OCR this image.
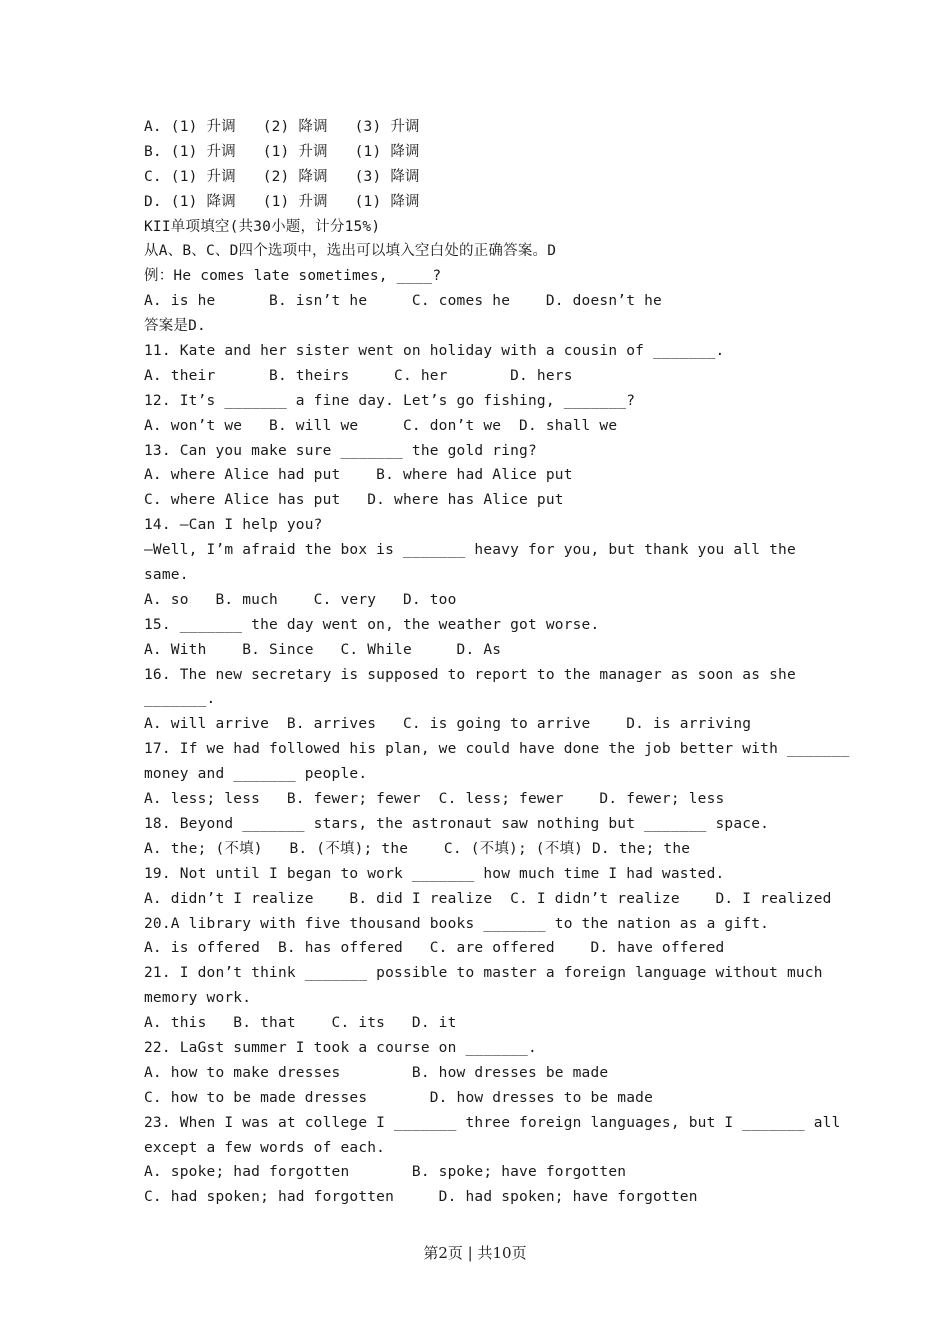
A. (1) 升调   (2) 降调   (3) 升调
B. (1) 升调   (1) 升调   (1) 降调
C. (1) 升调   (2) 降调   (3) 降调
D. (1) 降调   (1) 升调   (1) 降调
KII单项填空(共30小题，计分15%)
从A、B、C、D四个选项中，选出可以填入空白处的正确答案。D
例：He comes late sometimes, ____?
A. is he      B. isn’t he     C. comes he    D. doesn’t he
答案是D.
11. Kate and her sister went on holiday with a cousin of _______.
A. their      B. theirs     C. her       D. hers
12. It’s _______ a fine day. Let’s go fishing, _______?
A. won’t we   B. will we     C. don’t we  D. shall we
13. Can you make sure _______ the gold ring?
A. where Alice had put    B. where had Alice put
C. where Alice has put   D. where has Alice put
14. —Can I help you?
—Well, I’m afraid the box is _______ heavy for you, but thank you all the
same.
A. so   B. much    C. very   D. too
15. _______ the day went on, the weather got worse.
A. With    B. Since   C. While     D. As
16. The new secretary is supposed to report to the manager as soon as she
_______.
A. will arrive  B. arrives   C. is going to arrive    D. is arriving
17. If we had followed his plan, we could have done the job better with _______
money and _______ people.
A. less; less   B. fewer; fewer  C. less; fewer    D. fewer; less
18. Beyond _______ stars, the astronaut saw nothing but _______ space.
A. the; (不填)   B. (不填); the    C. (不填); (不填) D. the; the
19. Not until I began to work _______ how much time I had wasted.
A. didn’t I realize    B. did I realize  C. I didn’t realize    D. I realized
20.A library with five thousand books _______ to the nation as a gift.
A. is offered  B. has offered   C. are offered    D. have offered
21. I don’t think _______ possible to master a foreign language without much
memory work.
A. this   B. that    C. its   D. it
22. LaGst summer I took a course on _______.
A. how to make dresses        B. how dresses be made
C. how to be made dresses       D. how dresses to be made
23. When I was at college I _______ three foreign languages, but I _______ all
except a few words of each.
A. spoke; had forgotten       B. spoke; have forgotten
C. had spoken; had forgotten     D. had spoken; have forgotten
第2页 | 共10页
